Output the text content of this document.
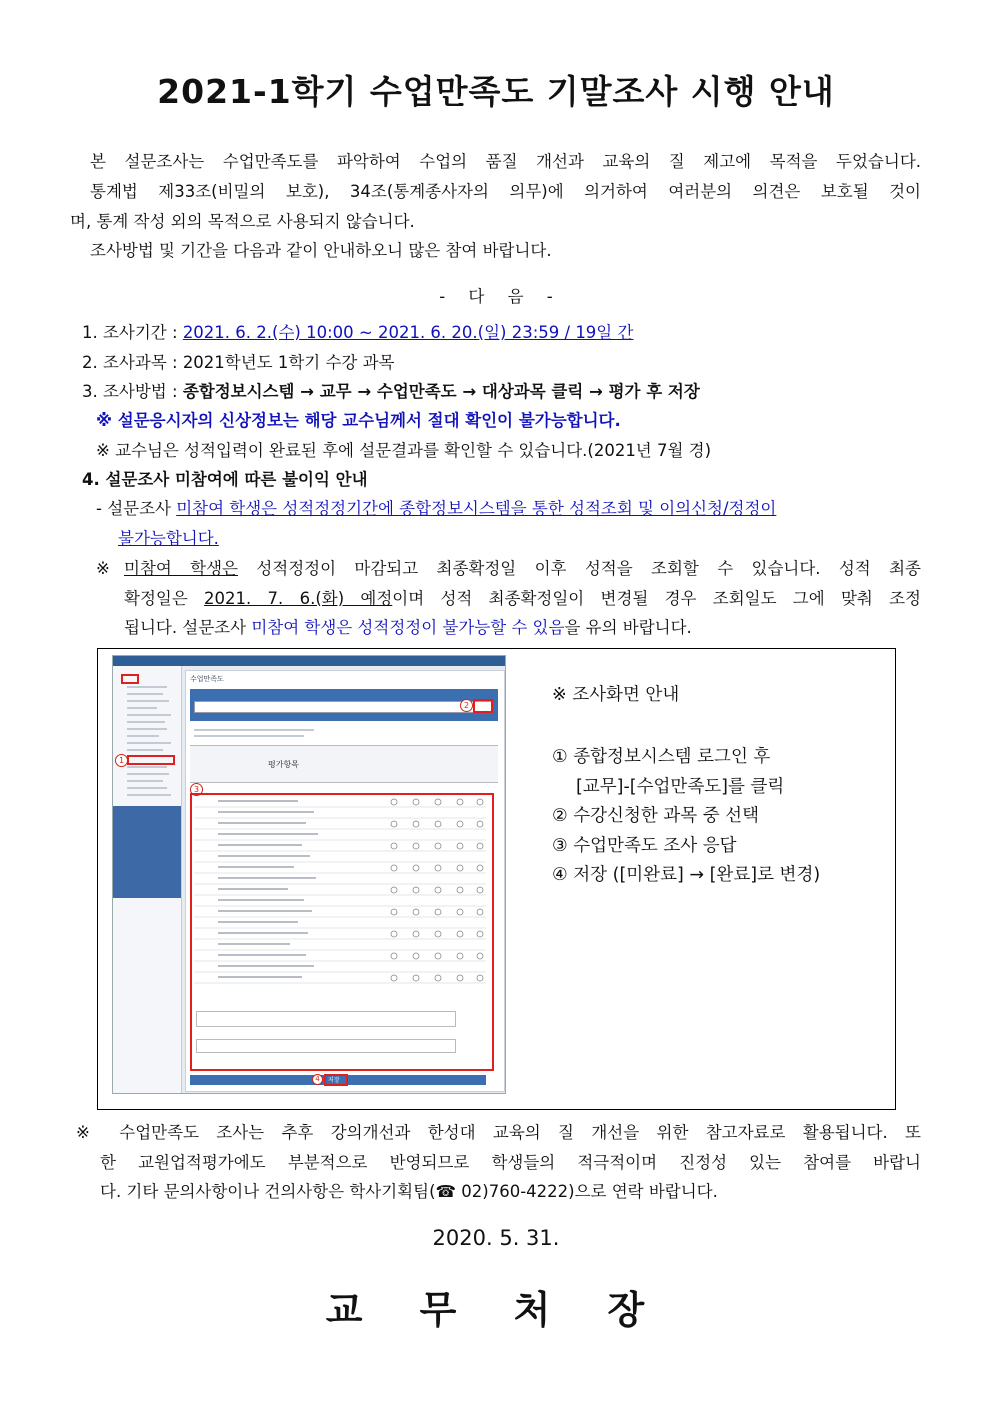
2021-1학기 수업만족도 기말조사 시행 안내
본 설문조사는 수업만족도를 파악하여 수업의 품질 개선과 교육의 질 제고에 목적을 두었습니다.
통계법 제33조(비밀의 보호), 34조(통계종사자의 의무)에 의거하여 여러분의 의견은 보호될 것이
며, 통계 작성 외의 목적으로 사용되지 않습니다.
조사방법 및 기간을 다음과 같이 안내하오니 많은 참여 바랍니다.
- 다 음 -
1. 조사기간 : 2021. 6. 2.(수) 10:00 ~ 2021. 6. 20.(일) 23:59 / 19일 간
2. 조사과목 : 2021학년도 1학기 수강 과목
3. 조사방법 : 종합정보시스템 → 교무 → 수업만족도 → 대상과목 클릭 → 평가 후 저장
※ 설문응시자의 신상정보는 해당 교수님께서 절대 확인이 불가능합니다.
※ 교수님은 성적입력이 완료된 후에 설문결과를 확인할 수 있습니다.(2021년 7월 경)
4. 설문조사 미참여에 따른 불이익 안내
- 설문조사 미참여 학생은 성적정정기간에 종합정보시스템을 통한 성적조회 및 이의신청/정정이
불가능합니다.
※ 미참여 학생은 성적정정이 마감되고 최종확정일 이후 성적을 조회할 수 있습니다. 성적 최종
확정일은 2021. 7. 6.(화) 예정이며 성적 최종확정일이 변경될 경우 조회일도 그에 맞춰 조정
됩니다. 설문조사 미참여 학생은 성적정정이 불가능할 수 있음을 유의 바랍니다.
1
수업만족도
2
평가항목
3
4	저장
※ 조사화면 안내
① 종합정보시스템 로그인 후
[교무]-[수업만족도]를 클릭
② 수강신청한 과목 중 선택
③ 수업만족도 조사 응답
④ 저장 ([미완료] → [완료]로 변경)
※ 수업만족도 조사는 추후 강의개선과 한성대 교육의 질 개선을 위한 참고자료로 활용됩니다. 또
한 교원업적평가에도 부분적으로 반영되므로 학생들의 적극적이며 진정성 있는 참여를 바랍니
다. 기타 문의사항이나 건의사항은 학사기획팀(☎ 02)760-4222)으로 연락 바랍니다.
2020. 5. 31.
교 무 처 장
